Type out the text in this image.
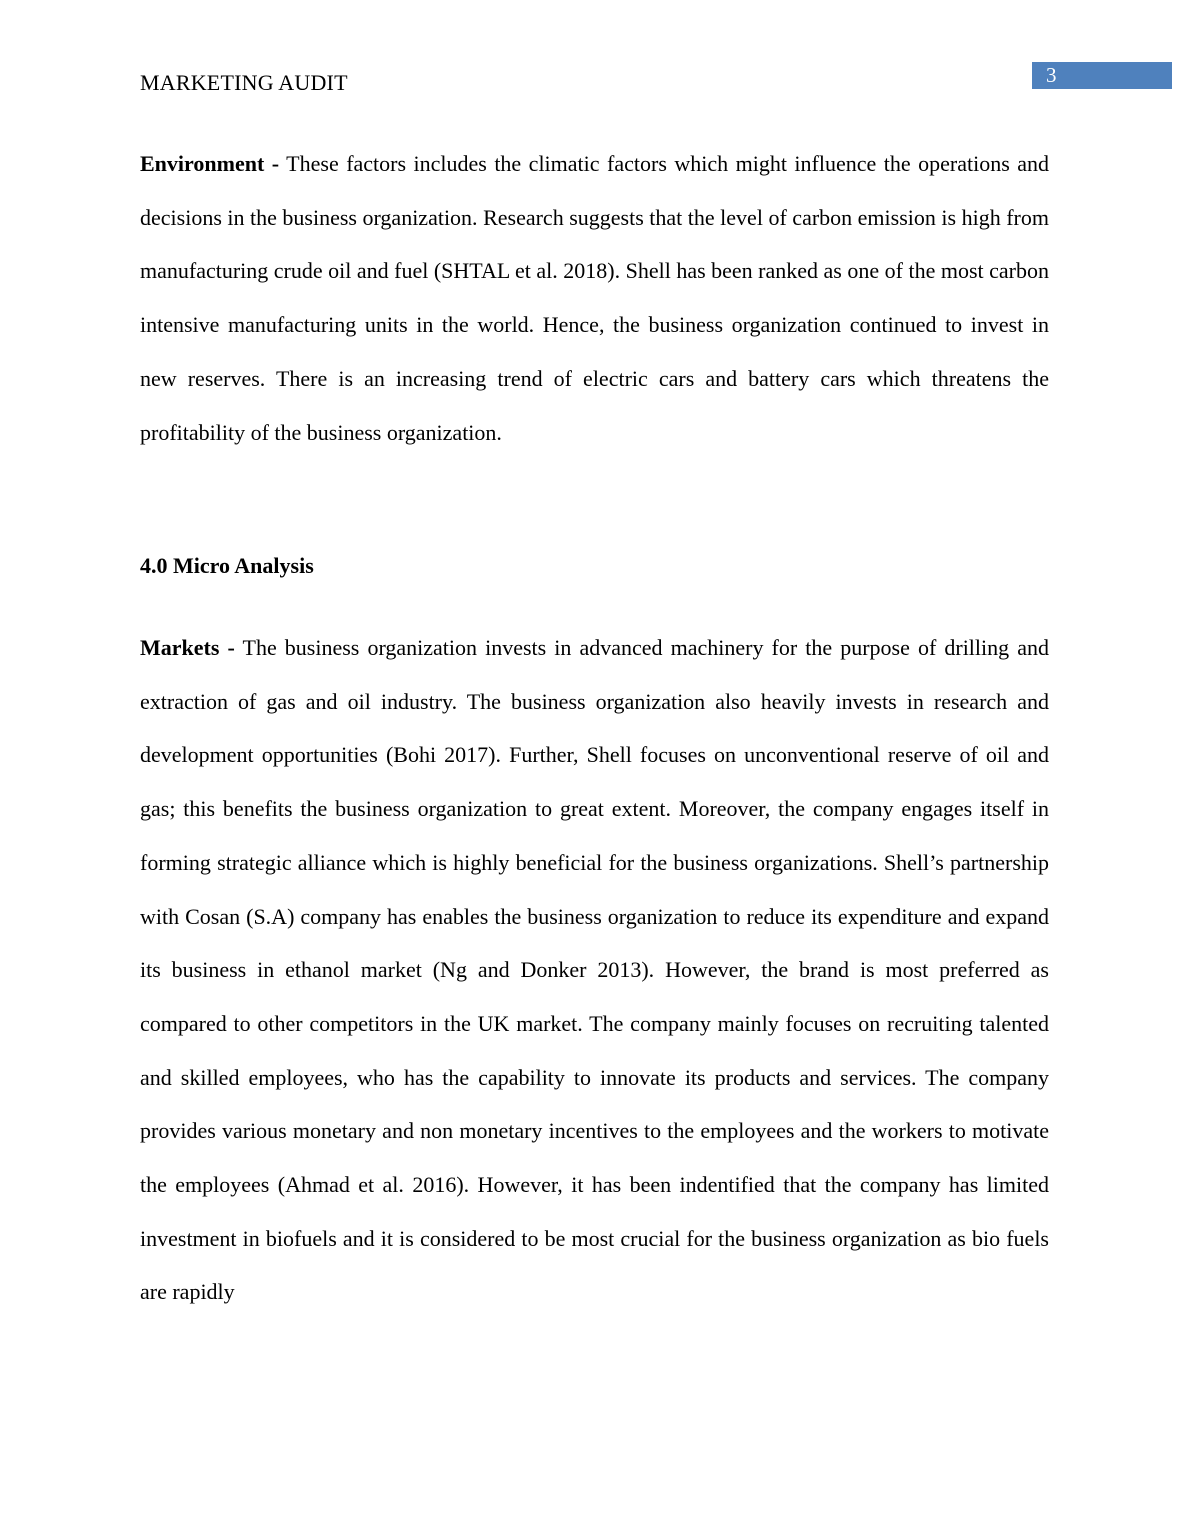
MARKETING AUDIT	3

Environment - These factors includes the climatic factors which might influence the operations and decisions in the business organization. Research suggests that the level of carbon emission is high from manufacturing crude oil and fuel (SHTAL et al. 2018). Shell has been ranked as one of the most carbon intensive manufacturing units in the world. Hence, the business organization continued to invest in new reserves. There is an increasing trend of electric cars and battery cars which threatens the profitability of the business organization.

4.0 Micro Analysis

Markets - The business organization invests in advanced machinery for the purpose of drilling and extraction of gas and oil industry. The business organization also heavily invests in research and development opportunities (Bohi 2017). Further, Shell focuses on unconventional reserve of oil and gas; this benefits the business organization to great extent. Moreover, the company engages itself in forming strategic alliance which is highly beneficial for the business organizations. Shell’s partnership with Cosan (S.A) company has enables the business organization to reduce its expenditure and expand its business in ethanol market (Ng and Donker 2013). However, the brand is most preferred as compared to other competitors in the UK market. The company mainly focuses on recruiting talented and skilled employees, who has the capability to innovate its products and services. The company provides various monetary and non monetary incentives to the employees and the workers to motivate the employees (Ahmad et al. 2016). However, it has been indentified that the company has limited investment in biofuels and it is considered to be most crucial for the business organization as bio fuels are rapidly
